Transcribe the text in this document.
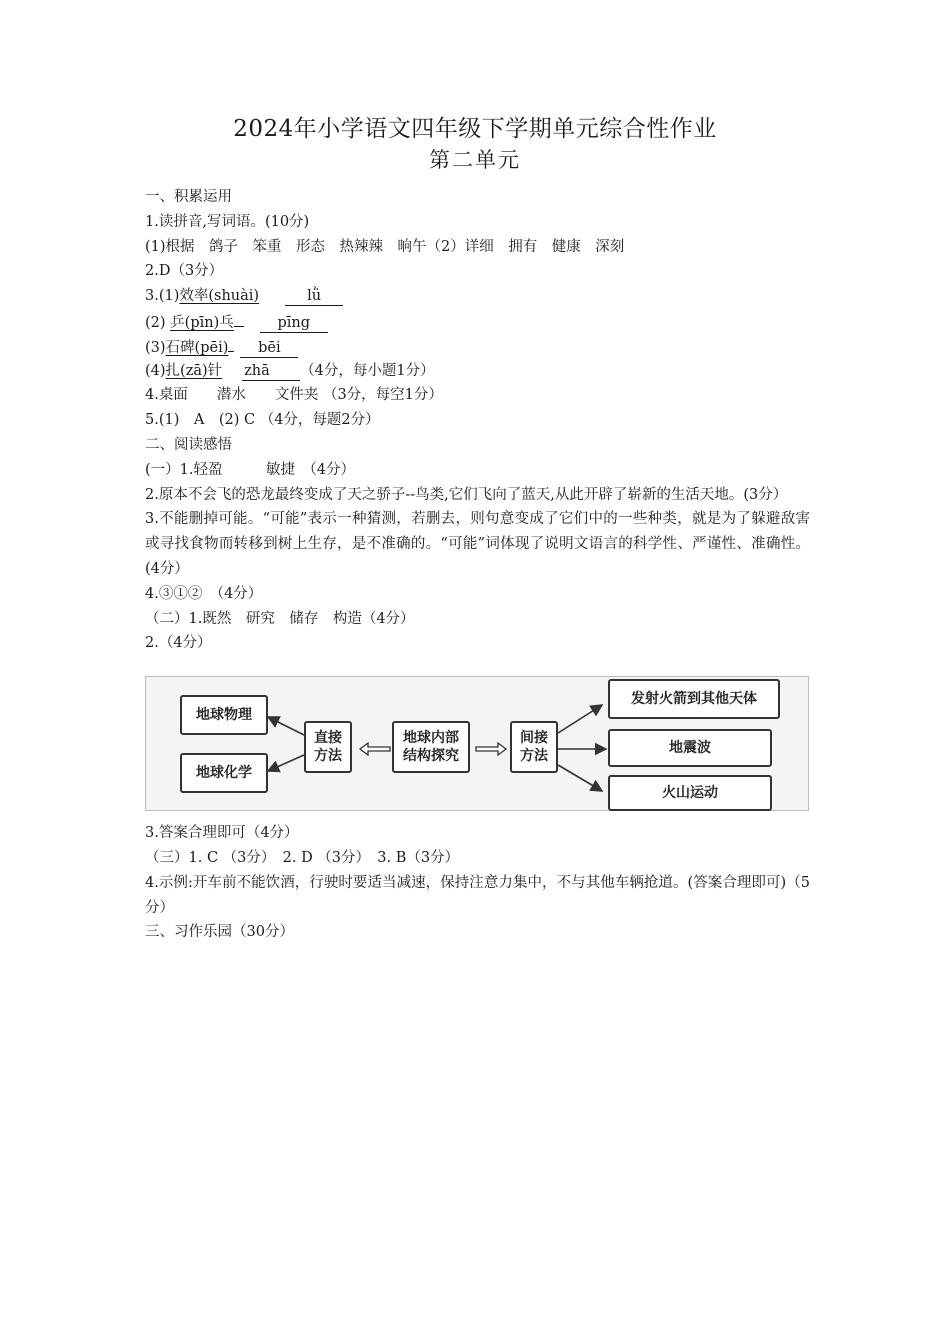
2024年小学语文四年级下学期单元综合性作业
第二单元
一、积累运用
1.读拼音,写词语。(10分)
(1)根据　鸽子　笨重　形态　热辣辣　晌午（2）详细　拥有　健康　深刻
2.D（3分）
3.(1)效率(shuài)	lǜ
(2) 乒(pīn)乓	pīng
(3)石碑(pēi) bēi
(4)扎(zā)针 zhā （4分，每小题1分）
4.桌面　　潜水　　文件夹 （3分，每空1分）
5.(1)　A　(2) C （4分，每题2分）
二、阅读感悟
(一）1.轻盈　　　敏捷　（4分）
2.原本不会飞的恐龙最终变成了天之骄子--鸟类,它们飞向了蓝天,从此开辟了崭新的生活天地。(3分）
3.不能删掉可能。“可能”表示一种猜测，若删去，则句意变成了它们中的一些种类，就是为了躲避敌害或寻找食物而转移到树上生存，是不准确的。“可能”词体现了说明文语言的科学性、严谨性、准确性。(4分）
4.③①②　（4分）
（二）1.既然　研究　储存　构造（4分）
2.（4分）
地球物理
地球化学
直接方法
地球内部结构探究
间接方法
发射火箭到其他天体
地震波
火山运动
3.答案合理即可（4分）
（三）1. C （3分）　2. D （3分）　3. B（3分）
4.示例:开车前不能饮酒，行驶时要适当减速，保持注意力集中，不与其他车辆抢道。(答案合理即可)（5分）
三、习作乐园（30分）
